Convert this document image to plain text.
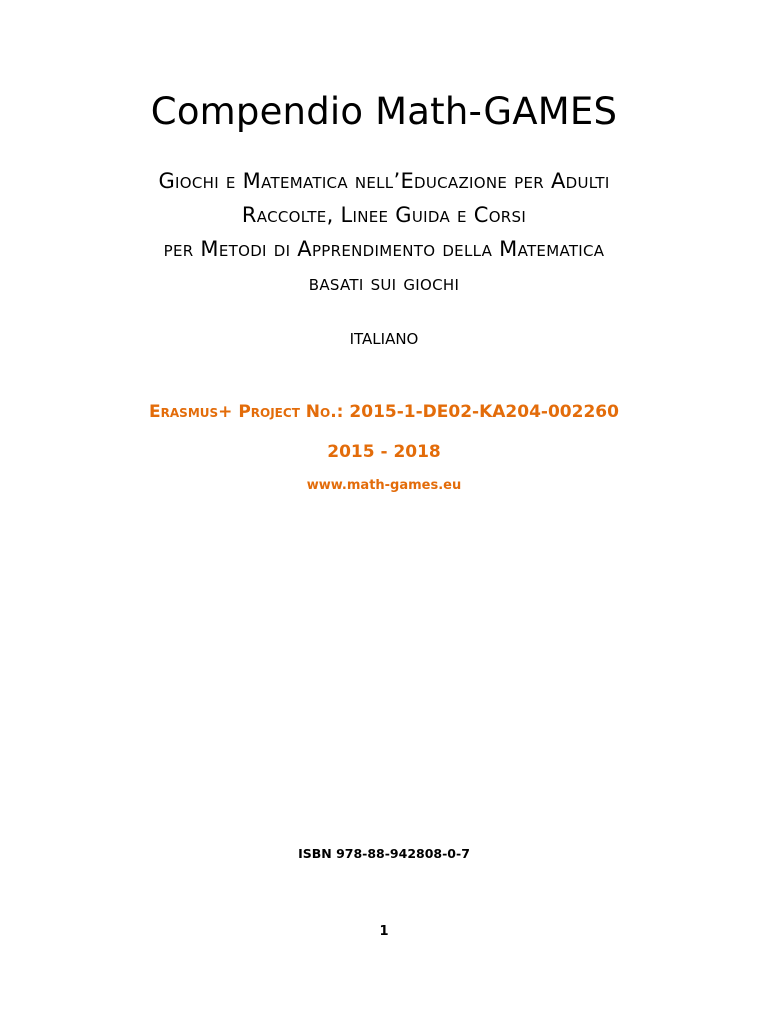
Compendio Math-GAMES
Giochi e Matematica nell’Educazione per Adulti
Raccolte, Linee Guida e Corsi
per Metodi di Apprendimento della Matematica
basati sui giochi
ITALIANO
Erasmus+ Project No.: 2015-1-DE02-KA204-002260
2015 - 2018
www.math-games.eu
ISBN 978-88-942808-0-7
1
